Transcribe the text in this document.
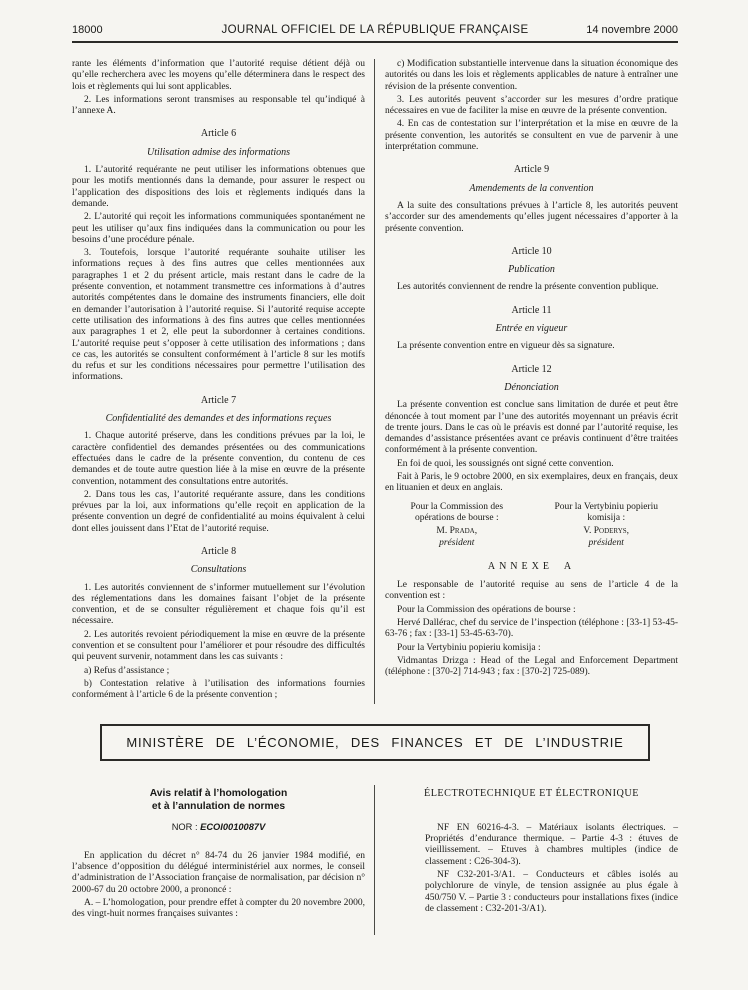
18000	JOURNAL OFFICIEL DE LA RÉPUBLIQUE FRANÇAISE	14 novembre 2000

rante les éléments d’information que l’autorité requise détient déjà ou qu’elle recherchera avec les moyens qu’elle déterminera dans le respect des lois et règlements qui lui sont applicables.

2. Les informations seront transmises au responsable tel qu’indiqué à l’annexe A.

Article 6
Utilisation admise des informations

1. L’autorité requérante ne peut utiliser les informations obtenues que pour les motifs mentionnés dans la demande, pour assurer le respect ou l’application des dispositions des lois et règlements indiqués dans la demande.

2. L’autorité qui reçoit les informations communiquées spontanément ne peut les utiliser qu’aux fins indiquées dans la communication ou pour les besoins d’une procédure pénale.

3. Toutefois, lorsque l’autorité requérante souhaite utiliser les informations reçues à des fins autres que celles mentionnées aux paragraphes 1 et 2 du présent article, mais restant dans le cadre de la présente convention, et notamment transmettre ces informations à d’autres autorités compétentes dans le domaine des instruments financiers, elle doit en demander l’autorisation à l’autorité requise. Si l’autorité requise accepte cette utilisation des informations à des fins autres que celles mentionnées aux paragraphes 1 et 2, elle peut la subordonner à certaines conditions. L’autorité requise peut s’opposer à cette utilisation des informations ; dans ce cas, les autorités se consultent conformément à l’article 8 sur les motifs du refus et sur les conditions nécessaires pour permettre l’utilisation des informations.

Article 7
Confidentialité des demandes et des informations reçues

1. Chaque autorité préserve, dans les conditions prévues par la loi, le caractère confidentiel des demandes présentées ou des communications effectuées dans le cadre de la présente convention, du contenu de ces demandes et de toute autre question liée à la mise en œuvre de la présente convention, notamment des consultations entre autorités.

2. Dans tous les cas, l’autorité requérante assure, dans les conditions prévues par la loi, aux informations qu’elle reçoit en application de la présente convention un degré de confidentialité au moins équivalent à celui dont elles jouissent dans l’Etat de l’autorité requise.

Article 8
Consultations

1. Les autorités conviennent de s’informer mutuellement sur l’évolution des réglementations dans les domaines faisant l’objet de la présente convention, et de se consulter régulièrement et chaque fois qu’il est nécessaire.

2. Les autorités revoient périodiquement la mise en œuvre de la présente convention et se consultent pour l’améliorer et pour résoudre des difficultés qui peuvent survenir, notamment dans les cas suivants :

a) Refus d’assistance ;

b) Contestation relative à l’utilisation des informations fournies conformément à l’article 6 de la présente convention ;

c) Modification substantielle intervenue dans la situation économique des autorités ou dans les lois et règlements applicables de nature à entraîner une révision de la présente convention.

3. Les autorités peuvent s’accorder sur les mesures d’ordre pratique nécessaires en vue de faciliter la mise en œuvre de la présente convention.

4. En cas de contestation sur l’interprétation et la mise en œuvre de la présente convention, les autorités se consultent en vue de parvenir à une interprétation commune.

Article 9
Amendements de la convention

A la suite des consultations prévues à l’article 8, les autorités peuvent s’accorder sur des amendements qu’elles jugent nécessaires d’apporter à la présente convention.

Article 10
Publication

Les autorités conviennent de rendre la présente convention publique.

Article 11
Entrée en vigueur

La présente convention entre en vigueur dès sa signature.

Article 12
Dénonciation

La présente convention est conclue sans limitation de durée et peut être dénoncée à tout moment par l’une des autorités moyennant un préavis écrit de trente jours. Dans le cas où le préavis est donné par l’autorité requise, les demandes d’assistance présentées avant ce préavis continuent d’être traitées conformément à la présente convention.

En foi de quoi, les soussignés ont signé cette convention.

Fait à Paris, le 9 octobre 2000, en six exemplaires, deux en français, deux en lituanien et deux en anglais.

Pour la Commission des opérations de bourse :
M. Prada,
président
Pour la Vertybiniu popieriu komisija :
V. Poderys,
président
ANNEXE A

Le responsable de l’autorité requise au sens de l’article 4 de la convention est :

Pour la Commission des opérations de bourse :

Hervé Dallérac, chef du service de l’inspection (téléphone : [33-1] 53-45-63-76 ; fax : [33-1] 53-45-63-70).

Pour la Vertybiniu popieriu komisija :

Vidmantas Drizga : Head of the Legal and Enforcement Department (téléphone : [370-2] 714-943 ; fax : [370-2] 725-089).

MINISTÈRE DE L’ÉCONOMIE, DES FINANCES ET DE L’INDUSTRIE
Avis relatif à l’homologation
et à l’annulation de normes
NOR : ECOI0010087V

En application du décret n° 84-74 du 26 janvier 1984 modifié, en l’absence d’opposition du délégué interministériel aux normes, le conseil d’administration de l’Association française de normalisation, par décision n° 2000-67 du 20 octobre 2000, a prononcé :

A. – L’homologation, pour prendre effet à compter du 20 novembre 2000, des vingt-huit normes françaises suivantes :

ÉLECTROTECHNIQUE ET ÉLECTRONIQUE

NF EN 60216-4-3. – Matériaux isolants électriques. – Propriétés d’endurance thermique. – Partie 4-3 : étuves de vieillissement. – Etuves à chambres multiples (indice de classement : C26-304-3).

NF C32-201-3/A1. – Conducteurs et câbles isolés au polychlorure de vinyle, de tension assignée au plus égale à 450/750 V. – Partie 3 : conducteurs pour installations fixes (indice de classement : C32-201-3/A1).
